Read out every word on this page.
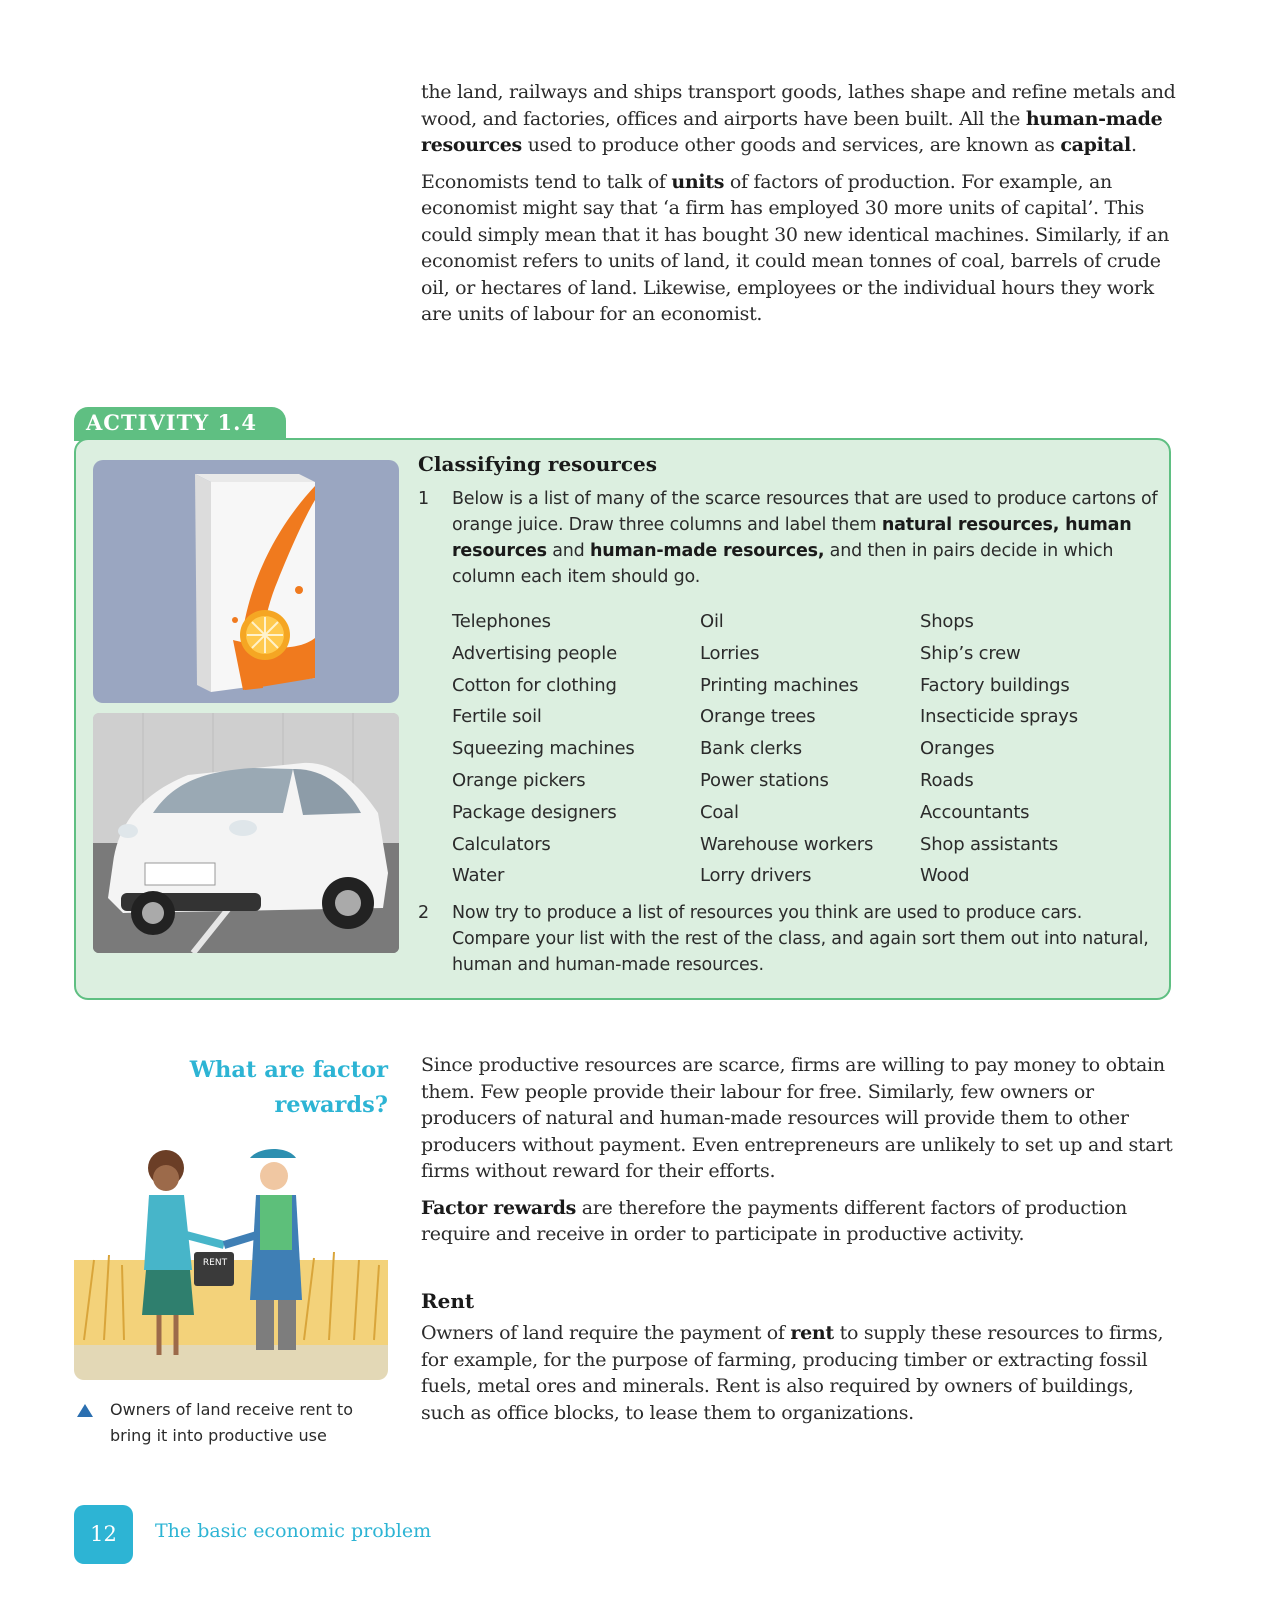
the land, railways and ships transport goods, lathes shape and refine metals and wood, and factories, offices and airports have been built. All the human-made resources used to produce other goods and services, are known as capital.

Economists tend to talk of units of factors of production. For example, an economist might say that ‘a firm has employed 30 more units of capital’. This could simply mean that it has bought 30 new identical machines. Similarly, if an economist refers to units of land, it could mean tonnes of coal, barrels of crude oil, or hectares of land. Likewise, employees or the individual hours they work are units of labour for an economist.

ACTIVITY 1.4
Classifying resources
1 Below is a list of many of the scarce resources that are used to produce cartons of orange juice. Draw three columns and label them natural resources, human resources and human-made resources, and then in pairs decide in which column each item should go.
Telephones
Advertising people
Cotton for clothing
Fertile soil
Squeezing machines
Orange pickers
Package designers
Calculators
Water
Oil
Lorries
Printing machines
Orange trees
Bank clerks
Power stations
Coal
Warehouse workers
Lorry drivers
Shops
Ship’s crew
Factory buildings
Insecticide sprays
Oranges
Roads
Accountants
Shop assistants
Wood
2 Now try to produce a list of resources you think are used to produce cars. Compare your list with the rest of the class, and again sort them out into natural, human and human-made resources.
What are factor
rewards?
RENT
Owners of land receive rent to bring it into productive use

Since productive resources are scarce, firms are willing to pay money to obtain them. Few people provide their labour for free. Similarly, few owners or producers of natural and human-made resources will provide them to other producers without payment. Even entrepreneurs are unlikely to set up and start firms without reward for their efforts.

Factor rewards are therefore the payments different factors of production require and receive in order to participate in productive activity.

Rent

Owners of land require the payment of rent to supply these resources to firms, for example, for the purpose of farming, producing timber or extracting fossil fuels, metal ores and minerals. Rent is also required by owners of buildings, such as office blocks, to lease them to organizations.

12	The basic economic problem
